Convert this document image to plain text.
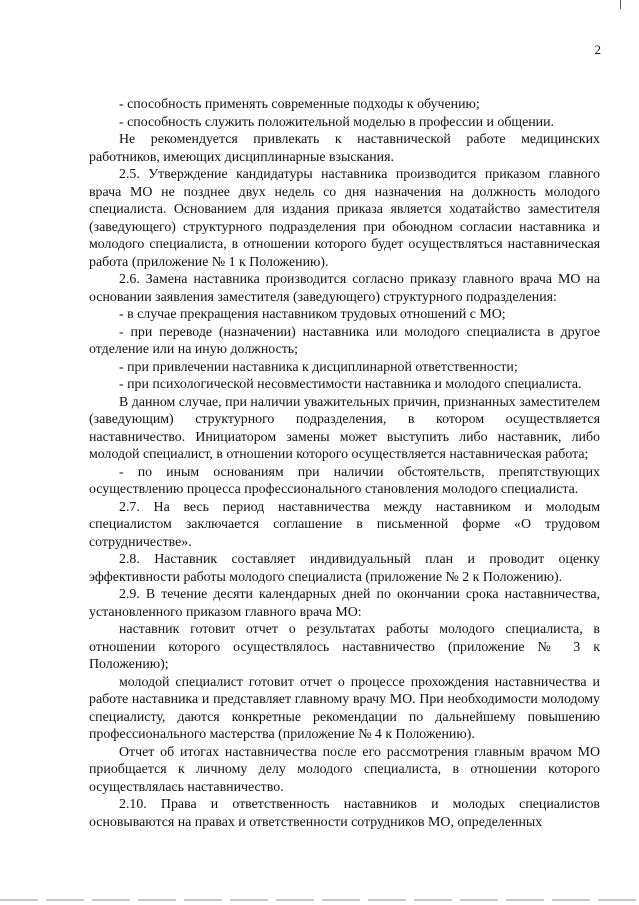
2

- способность применять современные подходы к обучению;

- способность служить положительной моделью в профессии и общении.

Не рекомендуется привлекать к наставнической работе медицинских работников, имеющих дисциплинарные взыскания.

2.5. Утверждение кандидатуры наставника производится приказом главного врача МО не позднее двух недель со дня назначения на должность молодого специалиста. Основанием для издания приказа является ходатайство заместителя (заведующего) структурного подразделения при обоюдном согласии наставника и молодого специалиста, в отношении которого будет осуществляться наставническая работа (приложение № 1 к Положению).

2.6. Замена наставника производится согласно приказу главного врача МО на основании заявления заместителя (заведующего) структурного подразделения:

- в случае прекращения наставником трудовых отношений с МО;

- при переводе (назначении) наставника или молодого специалиста в другое отделение или на иную должность;

- при привлечении наставника к дисциплинарной ответственности;

- при психологической несовместимости наставника и молодого специалиста.

В данном случае, при наличии уважительных причин, признанных заместителем (заведующим) структурного подразделения, в котором осуществляется наставничество. Инициатором замены может выступить либо наставник, либо молодой специалист, в отношении которого осуществляется наставническая работа;

- по иным основаниям при наличии обстоятельств, препятствующих осуществлению процесса профессионального становления молодого специалиста.

2.7. На весь период наставничества между наставником и молодым специалистом заключается соглашение в письменной форме «О трудовом сотрудничестве».

2.8. Наставник составляет индивидуальный план и проводит оценку эффективности работы молодого специалиста (приложение № 2 к Положению).

2.9. В течение десяти календарных дней по окончании срока наставничества, установленного приказом главного врача МО:

наставник готовит отчет о результатах работы молодого специалиста, в отношении которого осуществлялось наставничество (приложение № 3 к Положению);

молодой специалист готовит отчет о процессе прохождения наставничества и работе наставника и представляет главному врачу МО. При необходимости молодому специалисту, даются конкретные рекомендации по дальнейшему повышению профессионального мастерства (приложение № 4 к Положению).

Отчет об итогах наставничества после его рассмотрения главным врачом МО приобщается к личному делу молодого специалиста, в отношении которого осуществлялась наставничество.

2.10. Права и ответственность наставников и молодых специалистов основываются на правах и ответственности сотрудников МО, определенных
